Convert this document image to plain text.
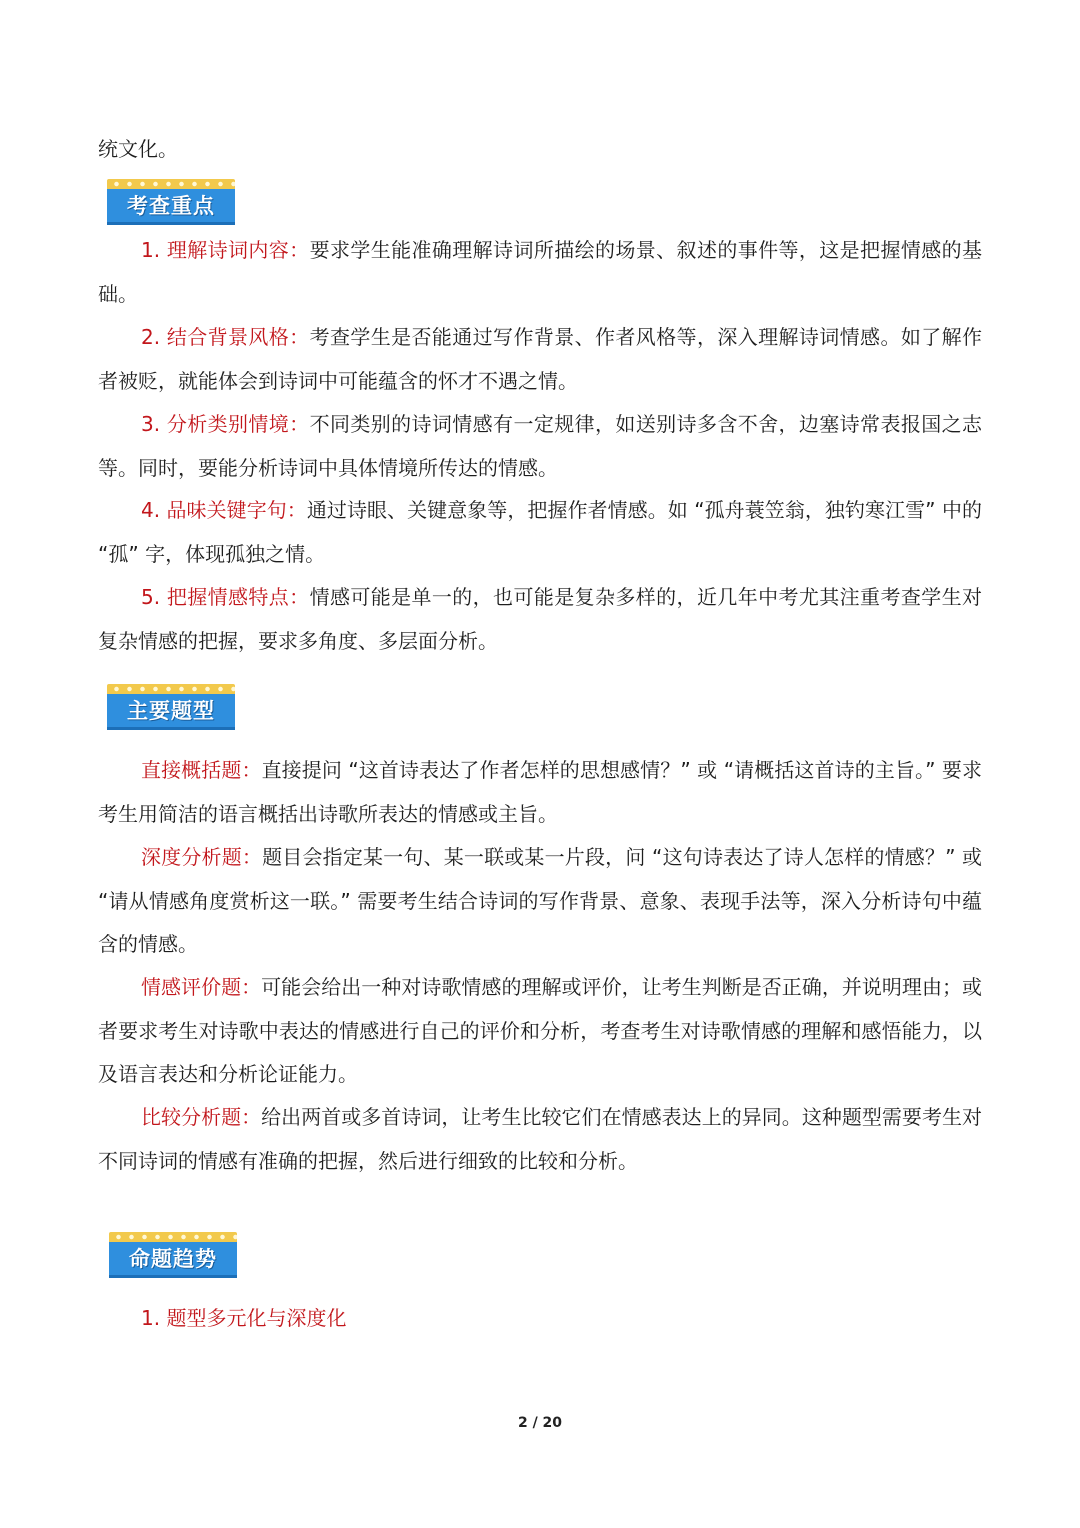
统文化。

考查重点

1. 理解诗词内容：要求学生能准确理解诗词所描绘的场景、叙述的事件等，这是把握情感的基础。

2. 结合背景风格：考查学生是否能通过写作背景、作者风格等，深入理解诗词情感。如了解作者被贬，就能体会到诗词中可能蕴含的怀才不遇之情。

3. 分析类别情境：不同类别的诗词情感有一定规律，如送别诗多含不舍，边塞诗常表报国之志等。同时，要能分析诗词中具体情境所传达的情感。

4. 品味关键字句：通过诗眼、关键意象等，把握作者情感。如 “孤舟蓑笠翁，独钓寒江雪” 中的 “孤” 字，体现孤独之情。

5. 把握情感特点：情感可能是单一的，也可能是复杂多样的，近几年中考尤其注重考查学生对复杂情感的把握，要求多角度、多层面分析。

主要题型

直接概括题：直接提问 “这首诗表达了作者怎样的思想感情？” 或 “请概括这首诗的主旨。” 要求考生用简洁的语言概括出诗歌所表达的情感或主旨。

深度分析题：题目会指定某一句、某一联或某一片段，问 “这句诗表达了诗人怎样的情感？” 或 “请从情感角度赏析这一联。” 需要考生结合诗词的写作背景、意象、表现手法等，深入分析诗句中蕴含的情感。

情感评价题：可能会给出一种对诗歌情感的理解或评价，让考生判断是否正确，并说明理由；或者要求考生对诗歌中表达的情感进行自己的评价和分析，考查考生对诗歌情感的理解和感悟能力，以及语言表达和分析论证能力。

比较分析题：给出两首或多首诗词，让考生比较它们在情感表达上的异同。这种题型需要考生对不同诗词的情感有准确的把握，然后进行细致的比较和分析。

命题趋势

1. 题型多元化与深度化

2 / 20
